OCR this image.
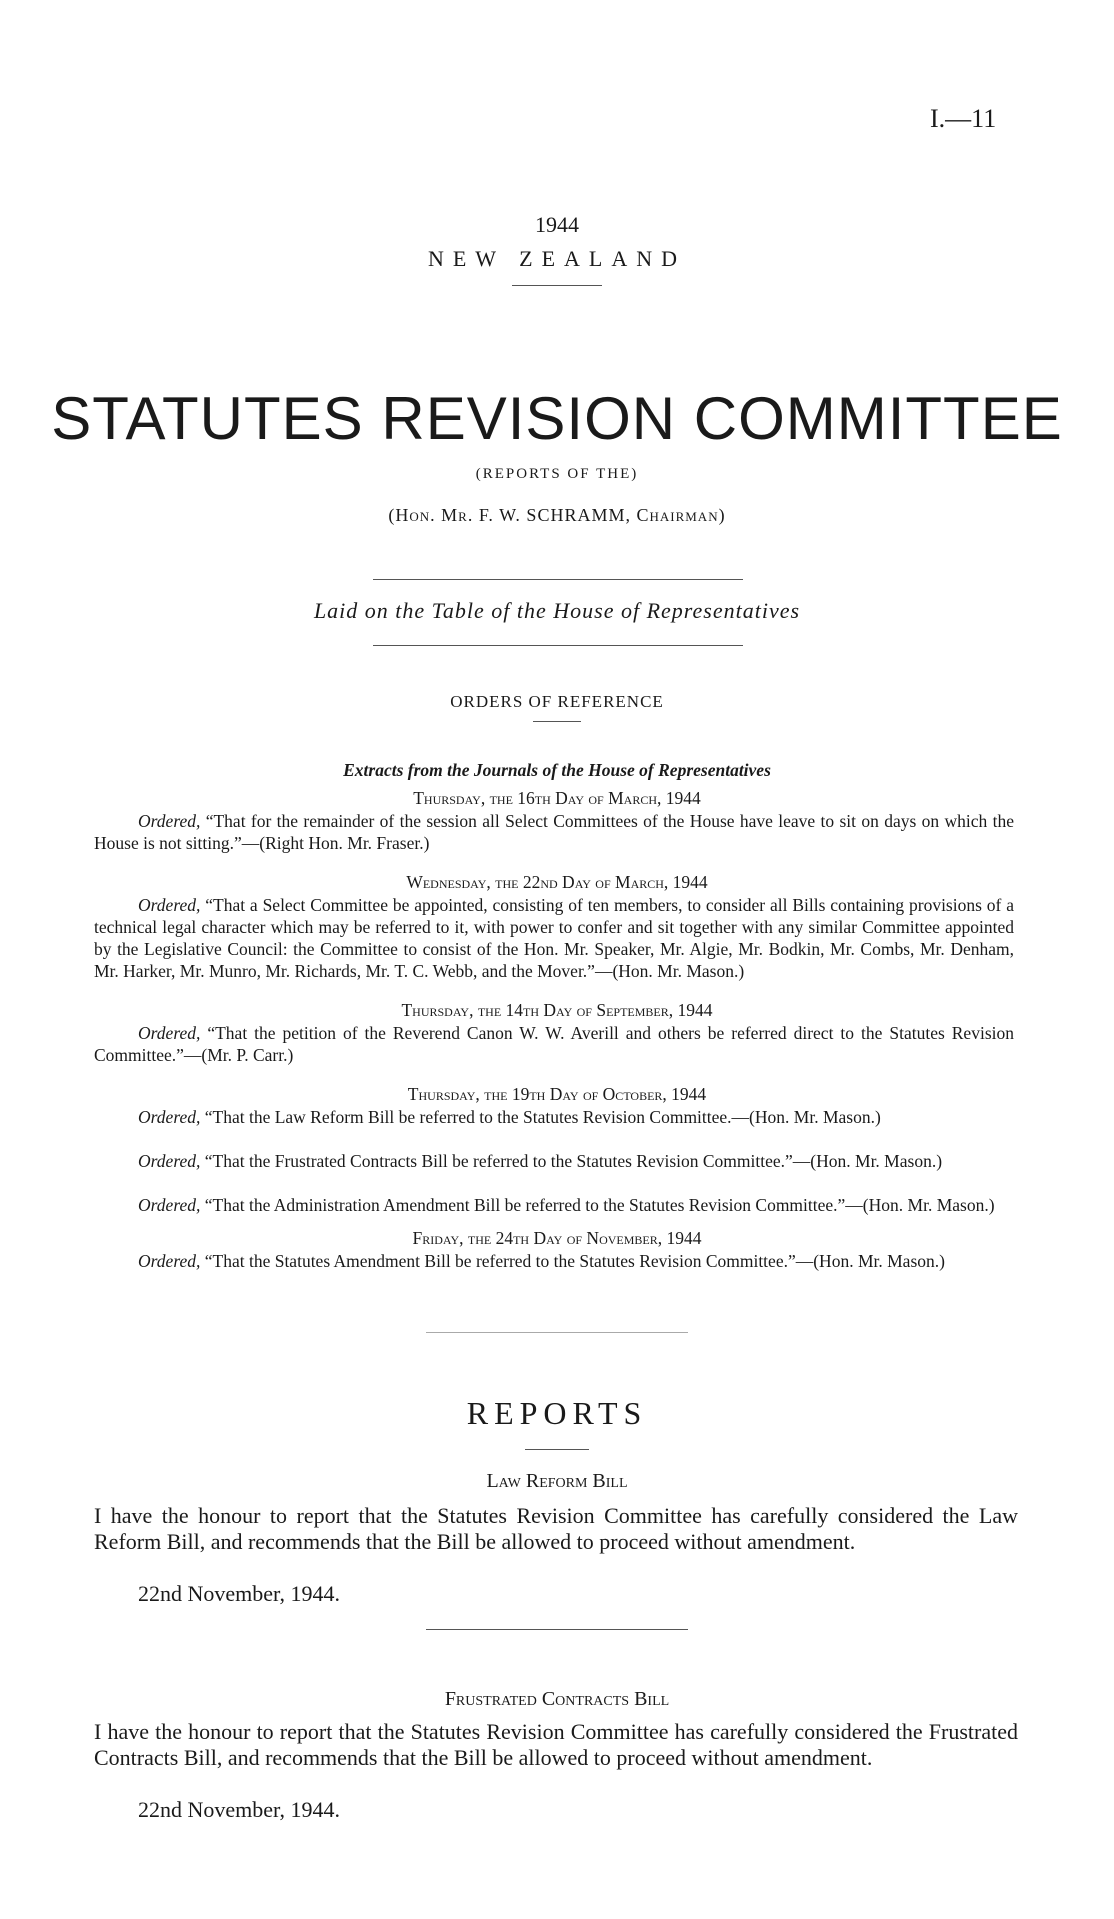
I.—11
1944
NEW ZEALAND
STATUTES REVISION COMMITTEE
(REPORTS OF THE)
(Hon. Mr. F. W. SCHRAMM, Chairman)
Laid on the Table of the House of Representatives
ORDERS OF REFERENCE
Extracts from the Journals of the House of Representatives
Thursday, the 16th Day of March, 1944

Ordered, “That for the remainder of the session all Select Committees of the House have leave to sit on days on which the House is not sitting.”—(Right Hon. Mr. Fraser.)

Wednesday, the 22nd Day of March, 1944

Ordered, “That a Select Committee be appointed, consisting of ten members, to consider all Bills containing provisions of a technical legal character which may be referred to it, with power to confer and sit together with any similar Committee appointed by the Legislative Council: the Committee to consist of the Hon. Mr. Speaker, Mr. Algie, Mr. Bodkin, Mr. Combs, Mr. Denham, Mr. Harker, Mr. Munro, Mr. Richards, Mr. T. C. Webb, and the Mover.”—(Hon. Mr. Mason.)

Thursday, the 14th Day of September, 1944

Ordered, “That the petition of the Reverend Canon W. W. Averill and others be referred direct to the Statutes Revision Committee.”—(Mr. P. Carr.)

Thursday, the 19th Day of October, 1944

Ordered, “That the Law Reform Bill be referred to the Statutes Revision Committee.—(Hon. Mr. Mason.)

Ordered, “That the Frustrated Contracts Bill be referred to the Statutes Revision Committee.”—(Hon. Mr. Mason.)

Ordered, “That the Administration Amendment Bill be referred to the Statutes Revision Committee.”—(Hon. Mr. Mason.)

Friday, the 24th Day of November, 1944

Ordered, “That the Statutes Amendment Bill be referred to the Statutes Revision Committee.”—(Hon. Mr. Mason.)

REPORTS
Law Reform Bill

I have the honour to report that the Statutes Revision Committee has carefully considered the Law Reform Bill, and recommends that the Bill be allowed to proceed without amendment.

22nd November, 1944.
Frustrated Contracts Bill

I have the honour to report that the Statutes Revision Committee has carefully considered the Frustrated Contracts Bill, and recommends that the Bill be allowed to proceed without amendment.

22nd November, 1944.
